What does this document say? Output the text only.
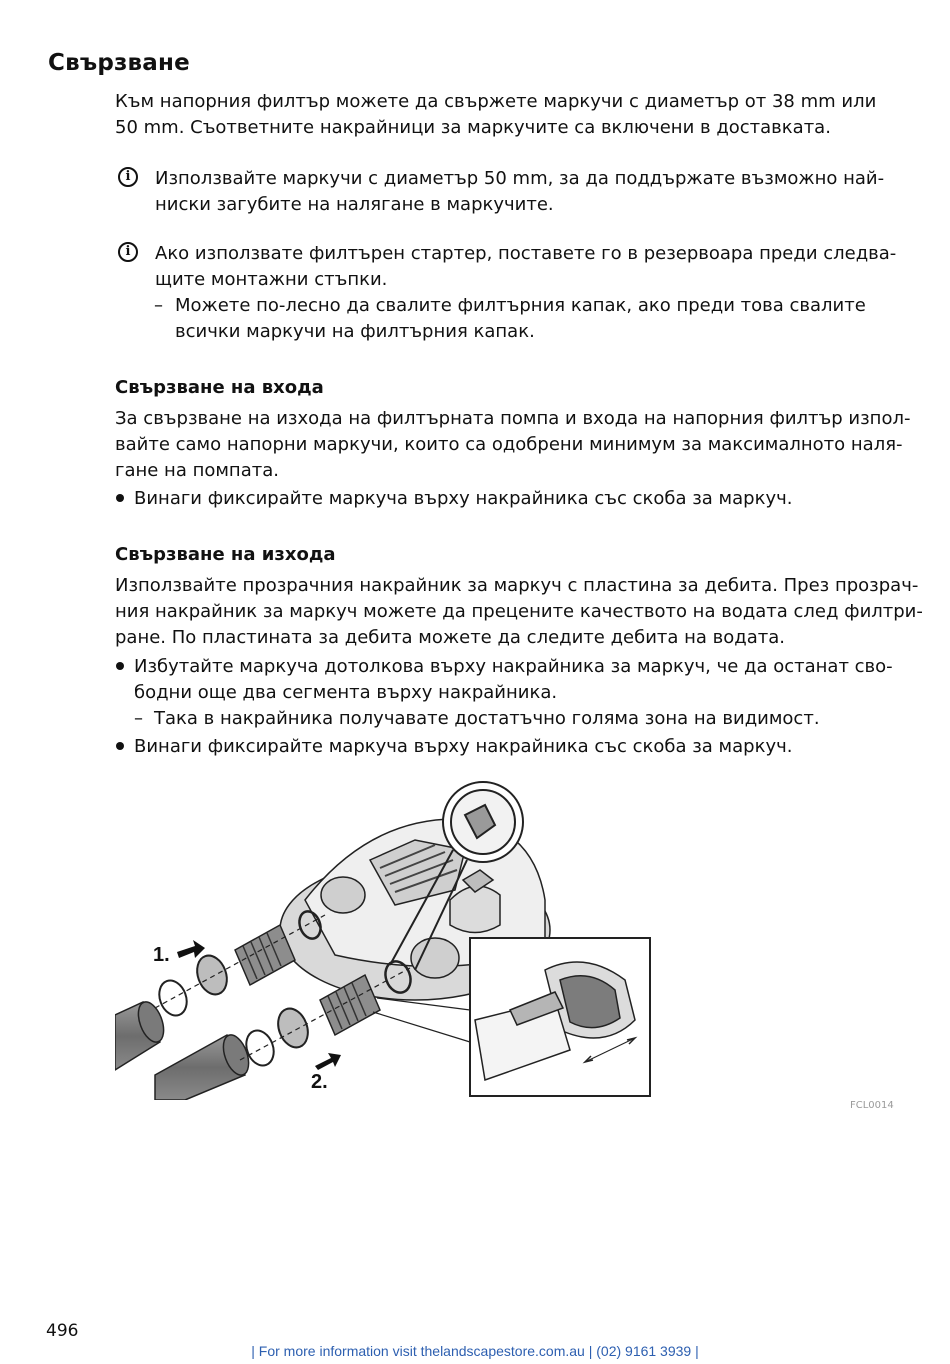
Свързване
Към напорния филтър можете да свържете маркучи с диаметър от 38 mm или
50 mm. Съответните накрайници за маркучите са включени в доставката.
i	Използвайте маркучи с диаметър 50 mm, за да поддържате възможно най-
ниски загубите на налягане в маркучите.
i	Ако използвате филтърен стартер, поставете го в резервоара преди следва-
щите монтажни стъпки.
– Можете по-лесно да свалите филтърния капак, ако преди това свалите
всички маркучи на филтърния капак.
Свързване на входа
За свързване на изхода на филтърната помпа и входа на напорния филтър изпол-
вайте само напорни маркучи, които са одобрени минимум за максималното наля-
гане на помпата.
Винаги фиксирайте маркуча върху накрайника със скоба за маркуч.
Свързване на изхода
Използвайте прозрачния накрайник за маркуч с пластина за дебита. През прозрач-
ния накрайник за маркуч можете да прецените качеството на водата след филтри-
ране. По пластината за дебита можете да следите дебита на водата.
Избутайте маркуча дотолкова върху накрайника за маркуч, че да останат сво-
бодни още два сегмента върху накрайника.
– Така в накрайника получавате достатъчно голяма зона на видимост.
Винаги фиксирайте маркуча върху накрайника със скоба за маркуч.
1.
2.
FCL0014
496
| For more information visit thelandscapestore.com.au | (02) 9161 3939 |
